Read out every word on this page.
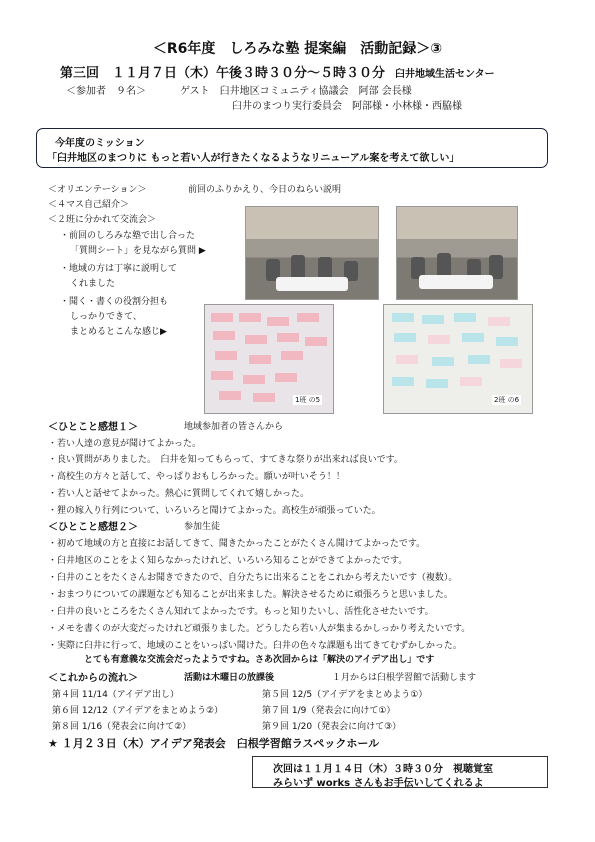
＜R6年度　しろみな塾 提案編　活動記録＞③
第三回　１１月７日（木）午後３時３０分～５時３０分 臼井地域生活センター
＜参加者　９名＞	ゲスト　臼井地区コミュニティ協議会　阿部 会長様
臼井のまつり実行委員会　阿部様・小林様・西脇様
今年度のミッション
「臼井地区のまつりに もっと若い人が行きたくなるようなリニューアル案を考えて欲しい」
＜オリエンテーション＞	前回のふりかえり、今日のねらい説明
＜４マス自己紹介＞
＜２班に分かれて交流会＞
・前回のしろみな塾で出し合った
「質問シート」を見ながら質問 ▶
・地域の方は丁寧に説明して
くれました
・聞く・書くの役割分担も
しっかりできて、
まとめるとこんな感じ▶
1班 の5	2班 の6
＜ひとこと感想１＞	地域参加者の皆さんから
・若い人達の意見が聞けてよかった。
・良い質問がありました。　臼井を知ってもらって、すてきな祭りが出来れば良いです。
・高校生の方々と話して、やっぱりおもしろかった。願いが叶いそう！！
・若い人と話せてよかった。熱心に質問してくれて嬉しかった。
・狸の嫁入り行列について、いろいろと聞けてよかった。高校生が頑張っていた。
＜ひとこと感想２＞	参加生徒
・初めて地域の方と直接にお話してきて、聞きたかったことがたくさん聞けてよかったです。
・臼井地区のことをよく知らなかったけれど、いろいろ知ることができてよかったです。
・臼井のことをたくさんお聞きできたので、自分たちに出来ることをこれから考えたいです（複数）。
・おまつりについての課題なども知ることが出来ました。解決させるために頑張ろうと思いました。
・臼井の良いところをたくさん知れてよかったです。もっと知りたいし、活性化させたいです。
・メモを書くのが大変だったけれど頑張りました。どうしたら若い人が集まるかしっかり考えたいです。
・実際に臼井に行って、地域のことをいっぱい聞けた。臼井の色々な課題も出てきてむずかしかった。
とても有意義な交流会だったようですね。さあ次回からは「解決のアイデア出し」です
＜これからの流れ＞	活動は木曜日の放課後	１月からは臼根学習館で活動します
第４回 11/14（アイデア出し）	第５回 12/5（アイデアをまとめよう①）
第６回 12/12（アイデアをまとめよう②）	第７回 1/9（発表会に向けて①）
第８回 1/16（発表会に向けて②）	第９回 1/20（発表会に向けて③）
★ １月２３日（木）アイデア発表会　臼根学習館ラスペックホール
次回は１１月１４日（木）３時３０分　視聴覚室
みらいず works さんもお手伝いしてくれるよ
